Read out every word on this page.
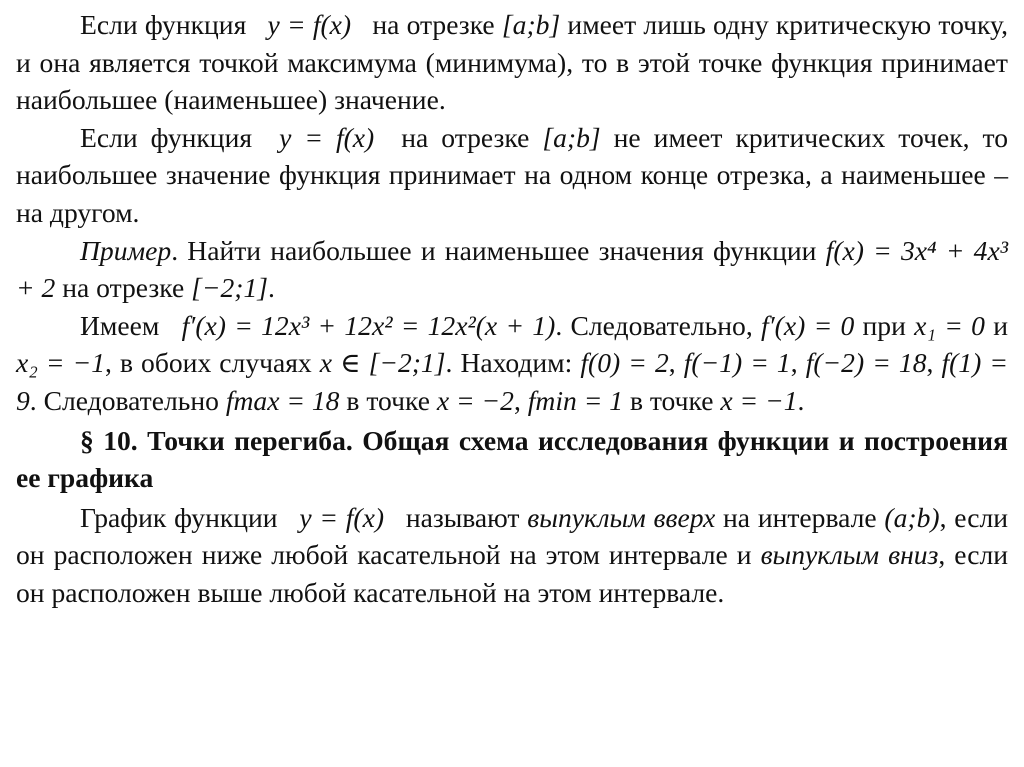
Если функция y = f(x) на отрезке [a;b] имеет лишь одну критическую точку, и она является точкой максимума (минимума), то в этой точке функция принимает наибольшее (наименьшее) значение.

Если функция y = f(x) на отрезке [a;b] не имеет критических точек, то наибольшее значение функция принимает на одном конце отрезка, а наименьшее – на другом.

Пример. Найти наибольшее и наименьшее значения функции f(x) = 3x⁴ + 4x³ + 2 на отрезке [−2;1].

Имеем f′(x) = 12x³ + 12x² = 12x²(x + 1). Следовательно, f′(x) = 0 при x₁ = 0 и x₂ = −1, в обоих случаях x ∈ [−2;1]. Находим: f(0) = 2, f(−1) = 1, f(−2) = 18, f(1) = 9. Следовательно fmax = 18 в точке x = −2, fmin = 1 в точке x = −1.

§ 10. Точки перегиба. Общая схема исследования функции и построения ее графика

График функции y = f(x) называют выпуклым вверх на интервале (a;b), если он расположен ниже любой касательной на этом интервале и выпуклым вниз, если он расположен выше любой касательной на этом интервале.
